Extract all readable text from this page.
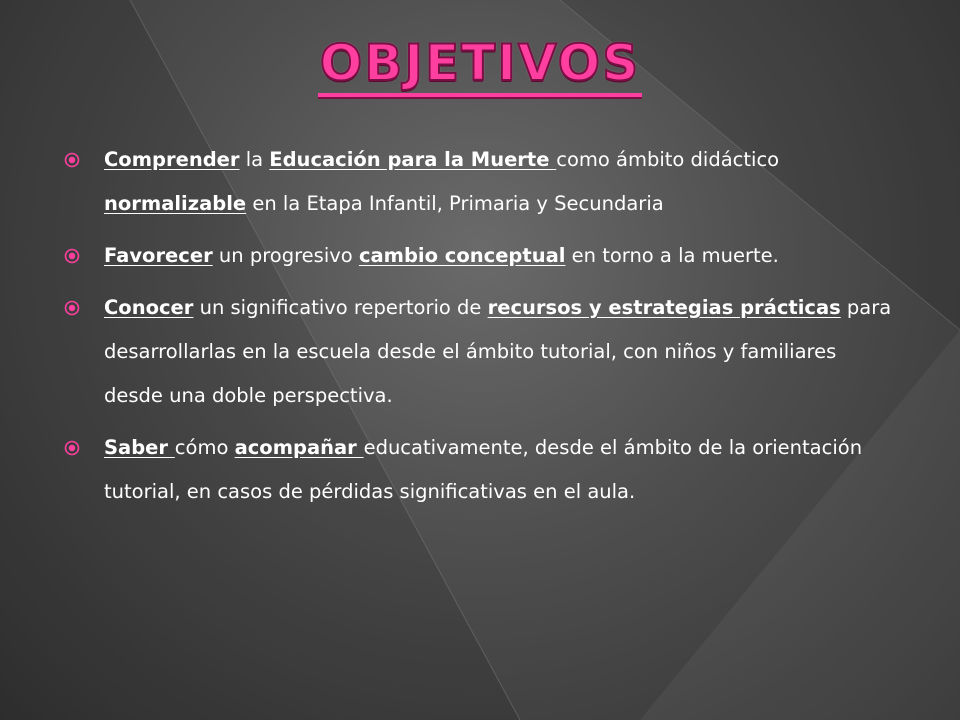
OBJETIVOS
Comprender la Educación para la Muerte como ámbito didáctico normalizable en la Etapa Infantil, Primaria y Secundaria
Favorecer un progresivo cambio conceptual en torno a la muerte.
Conocer un significativo repertorio de recursos y estrategias prácticas para desarrollarlas en la escuela desde el ámbito tutorial, con niños y familiares desde una doble perspectiva.
Saber cómo acompañar educativamente, desde el ámbito de la orientación tutorial, en casos de pérdidas significativas en el aula.
